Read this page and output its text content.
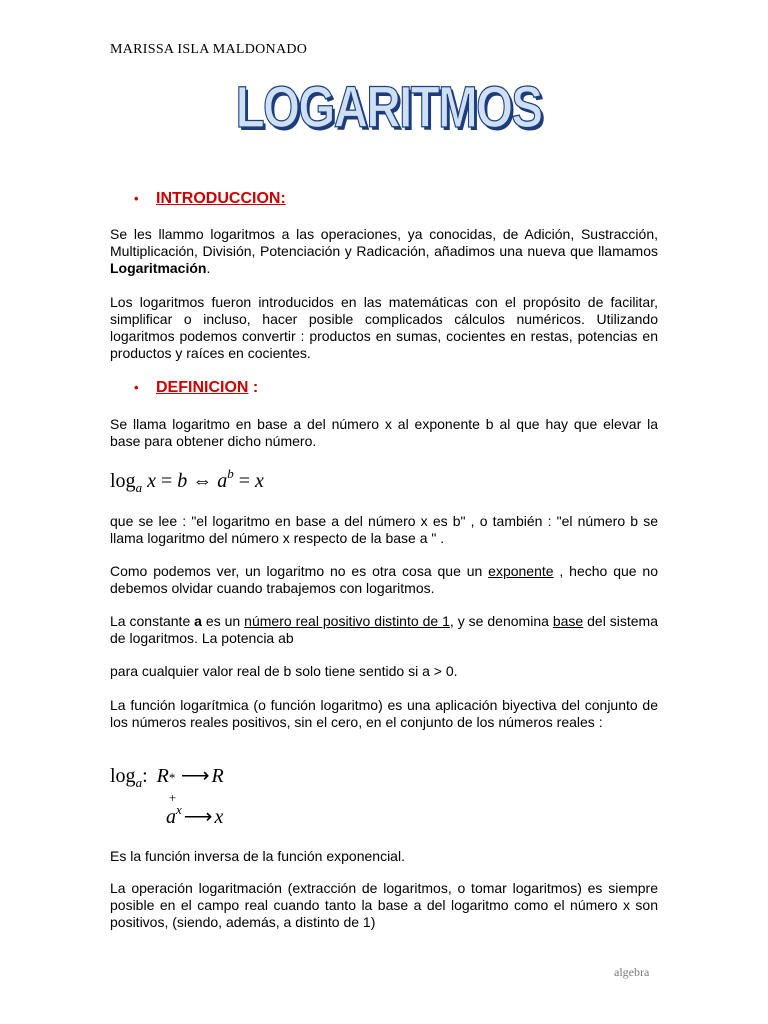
MARISSA ISLA MALDONADO
LOGARITMOS
• INTRODUCCION:
Se les llammo logaritmos a las operaciones, ya conocidas, de Adición, Sustracción, Multiplicación, División, Potenciación y Radicación, añadimos una nueva que llamamos Logaritmación.
Los logaritmos fueron introducidos en las matemáticas con el propósito de facilitar, simplificar o incluso, hacer posible complicados cálculos numéricos. Utilizando logaritmos podemos convertir : productos en sumas, cocientes en restas, potencias en productos y raíces en cocientes.
• DEFINICION :
Se llama logaritmo en base a del número x al exponente b al que hay que elevar la base para obtener dicho número.
$\log_a x = b$ ⇔ $a^b = x$
que se lee : "el logaritmo en base a del número x es b" , o también : "el número b se llama logaritmo del número x respecto de la base a " .
Como podemos ver, un logaritmo no es otra cosa que un exponente , hecho que no debemos olvidar cuando trabajemos con logaritmos.
La constante a es un número real positivo distinto de 1, y se denomina base del sistema de logaritmos. La potencia ab
para cualquier valor real de b solo tiene sentido si a > 0.
La función logarítmica (o función logaritmo) es una aplicación biyectiva del conjunto de los números reales positivos, sin el cero, en el conjunto de los números reales :
$\log_a$: R *
+
⟶ R
$a^x$ ⟶ x
Es la función inversa de la función exponencial.
La operación logaritmación (extracción de logaritmos, o tomar logaritmos) es siempre posible en el campo real cuando tanto la base a del logaritmo como el número x son positivos, (siendo, además, a distinto de 1)
algebra
